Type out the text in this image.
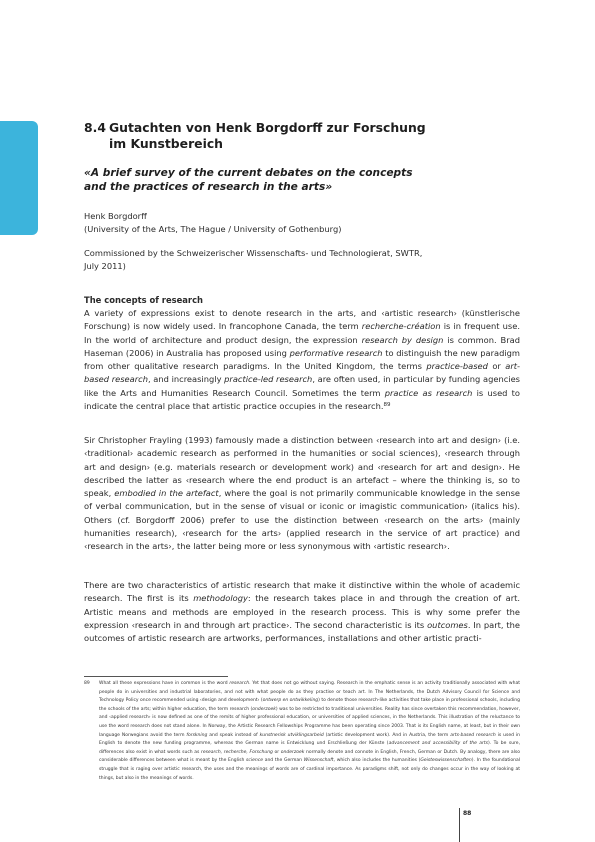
8.4 Gutachten von Henk Borgdorff zur Forschung
im Kunstbereich
«A brief survey of the current debates on the concepts
and the practices of research in the arts»
Henk Borgdorff
(University of the Arts, The Hague / University of Gothenburg)
Commissioned by the Schweizerischer Wissenschafts- und Technologierat, SWTR,
July 2011)
The concepts of research
A variety of expressions exist to denote research in the arts, and ‹artistic research› (künstlerische Forschung) is now widely used. In francophone Canada, the term recherche-création is in frequent use. In the world of architecture and product design, the expression research by design is common. Brad Haseman (2006) in Australia has proposed using performative research to distinguish the new paradigm from other qualitative research paradigms. In the United Kingdom, the terms practice-based or art-based research, and increasingly practice-led research, are often used, in particular by funding agencies like the Arts and Humanities Research Council. Sometimes the term practice as research is used to indicate the central place that artistic practice occupies in the research.$^{89}$
Sir Christopher Frayling (1993) famously made a distinction between ‹research into art and design› (i.e. ‹traditional› academic research as performed in the humanities or social sciences), ‹research through art and design› (e.g. materials research or development work) and ‹research for art and design›. He described the latter as ‹research where the end product is an artefact – where the thinking is, so to speak, embodied in the artefact, where the goal is not primarily communicable knowledge in the sense of verbal communication, but in the sense of visual or iconic or imagistic communication› (italics his). Others (cf. Borgdorff 2006) prefer to use the distinction between ‹research on the arts› (mainly humanities research), ‹research for the arts› (applied research in the service of art practice) and ‹research in the arts›, the latter being more or less synonymous with ‹artistic research›.
There are two characteristics of artistic research that make it distinctive within the whole of academic research. The first is its methodology: the research takes place in and through the creation of art. Artistic means and methods are employed in the research process. This is why some prefer the expression ‹research in and through art practice›. The second characteristic is its outcomes. In part, the outcomes of artistic research are artworks, performances, installations and other artistic practi-
89 What all these expressions have in common is the word research. Yet that does not go without saying. Research in the emphatic sense is an activity traditionally associated with what people do in universities and industrial laboratories, and not with what people do as they practise or teach art. In The Netherlands, the Dutch Advisory Council for Science and Technology Policy once recommended using ‹design and development› (ontwerp en ontwikkeling) to denote those research-like activities that take place in professional schools, including the schools of the arts; within higher education, the term research (onderzoek) was to be restricted to traditional universities. Reality has since overtaken this recommendation, however, and ‹applied research› is now defined as one of the remits of higher professional education, or universities of applied sciences, in the Netherlands. This illustration of the reluctance to use the word research does not stand alone. In Norway, the Artistic Research Fellowships Programme has been operating since 2003. That is its English name, at least, but in their own language Norwegians avoid the term forskning and speak instead of kunstnerisk utviklingsarbeid (artistic development work). And in Austria, the term arts-based research is used in English to denote the new funding programme, whereas the German name is Entwicklung und Erschließung der Künste (advancement and accessibility of the arts). To be sure, differences also exist in what words such as research, recherche, Forschung or onderzoek normally denote and connote in English, French, German or Dutch. By analogy, there are also considerable differences between what is meant by the English science and the German Wissenschaft, which also includes the humanities (Geisteswissenschaften). In the foundational struggle that is raging over artistic research, the uses and the meanings of words are of cardinal importance. As paradigms shift, not only do changes occur in the way of looking at things, but also in the meanings of words.
88
